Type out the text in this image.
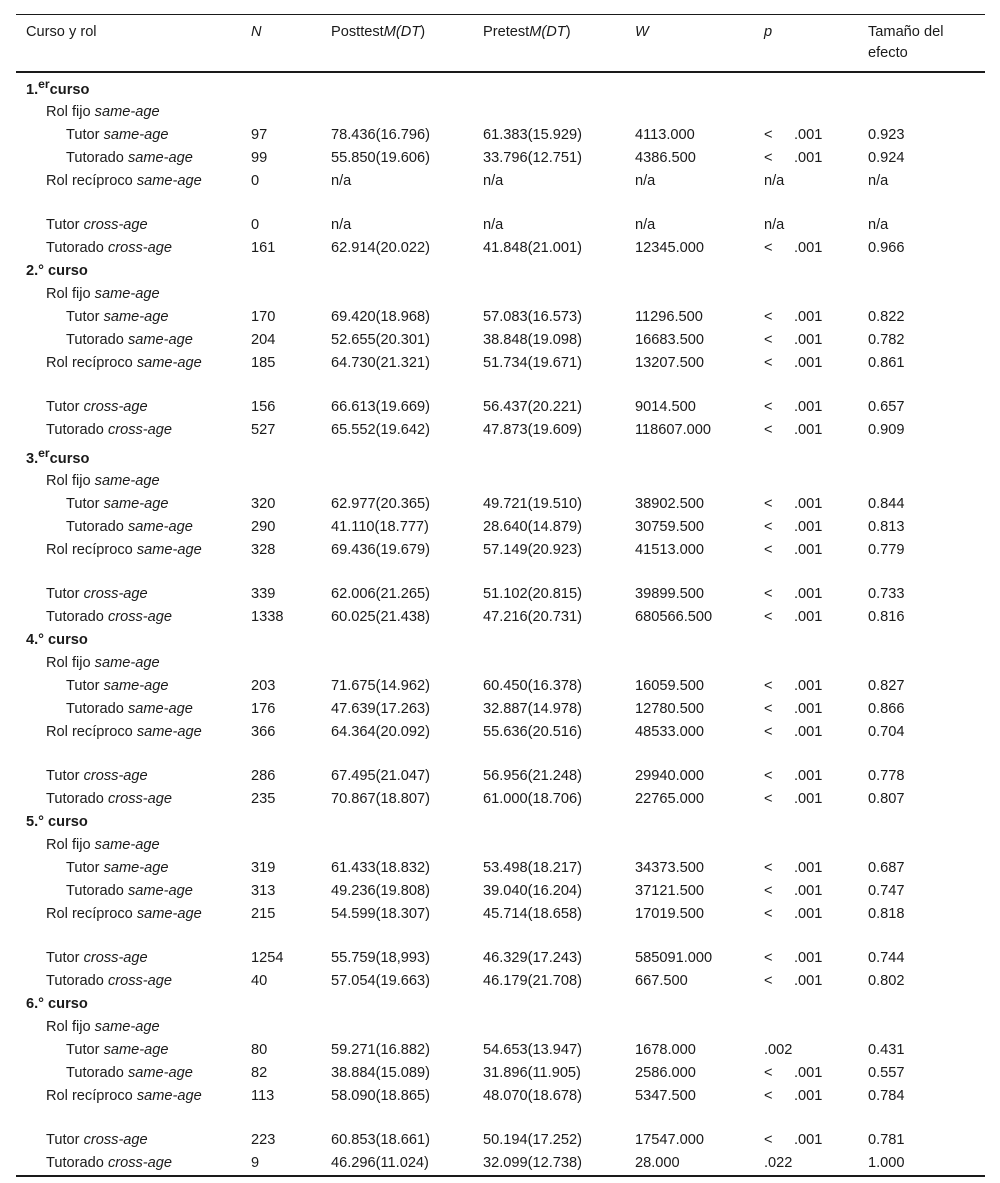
Curso y rol	N	PosttestM(DT)	PretestM(DT)	W	p	Tamaño del efecto
1.$^{er}$curso						
Rol fijo same-age						
Tutor same-age	97	78.436(16.796)	61.383(15.929)	4113.000	< .001	0.923
Tutorado same-age	99	55.850(19.606)	33.796(12.751)	4386.500	< .001	0.924
Rol recíproco same-age	0	n/a	n/a	n/a	n/a	n/a
Tutor cross-age	0	n/a	n/a	n/a	n/a	n/a
Tutorado cross-age	161	62.914(20.022)	41.848(21.001)	12345.000	< .001	0.966
2.° curso						
Rol fijo same-age						
Tutor same-age	170	69.420(18.968)	57.083(16.573)	11296.500	< .001	0.822
Tutorado same-age	204	52.655(20.301)	38.848(19.098)	16683.500	< .001	0.782
Rol recíproco same-age	185	64.730(21.321)	51.734(19.671)	13207.500	< .001	0.861
Tutor cross-age	156	66.613(19.669)	56.437(20.221)	9014.500	< .001	0.657
Tutorado cross-age	527	65.552(19.642)	47.873(19.609)	118607.000	< .001	0.909
3.$^{er}$curso						
Rol fijo same-age						
Tutor same-age	320	62.977(20.365)	49.721(19.510)	38902.500	< .001	0.844
Tutorado same-age	290	41.110(18.777)	28.640(14.879)	30759.500	< .001	0.813
Rol recíproco same-age	328	69.436(19.679)	57.149(20.923)	41513.000	< .001	0.779
Tutor cross-age	339	62.006(21.265)	51.102(20.815)	39899.500	< .001	0.733
Tutorado cross-age	1338	60.025(21.438)	47.216(20.731)	680566.500	< .001	0.816
4.° curso						
Rol fijo same-age						
Tutor same-age	203	71.675(14.962)	60.450(16.378)	16059.500	< .001	0.827
Tutorado same-age	176	47.639(17.263)	32.887(14.978)	12780.500	< .001	0.866
Rol recíproco same-age	366	64.364(20.092)	55.636(20.516)	48533.000	< .001	0.704
Tutor cross-age	286	67.495(21.047)	56.956(21.248)	29940.000	< .001	0.778
Tutorado cross-age	235	70.867(18.807)	61.000(18.706)	22765.000	< .001	0.807
5.° curso						
Rol fijo same-age						
Tutor same-age	319	61.433(18.832)	53.498(18.217)	34373.500	< .001	0.687
Tutorado same-age	313	49.236(19.808)	39.040(16.204)	37121.500	< .001	0.747
Rol recíproco same-age	215	54.599(18.307)	45.714(18.658)	17019.500	< .001	0.818
Tutor cross-age	1254	55.759(18,993)	46.329(17.243)	585091.000	< .001	0.744
Tutorado cross-age	40	57.054(19.663)	46.179(21.708)	667.500	< .001	0.802
6.° curso						
Rol fijo same-age						
Tutor same-age	80	59.271(16.882)	54.653(13.947)	1678.000	.002	0.431
Tutorado same-age	82	38.884(15.089)	31.896(11.905)	2586.000	< .001	0.557
Rol recíproco same-age	113	58.090(18.865)	48.070(18.678)	5347.500	< .001	0.784
Tutor cross-age	223	60.853(18.661)	50.194(17.252)	17547.000	< .001	0.781
Tutorado cross-age	9	46.296(11.024)	32.099(12.738)	28.000	.022	1.000
